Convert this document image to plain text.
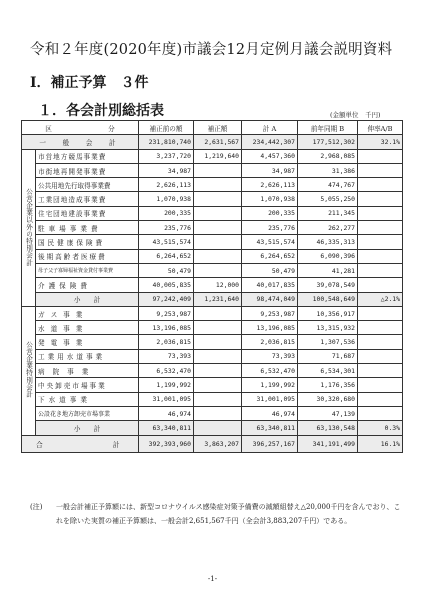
令和２年度(2020年度)市議会12月定例月議会説明資料
Ⅰ．補正予算　３件
１．各会計別総括表	(金額単位　千円)
区 分		補正前の額	補正額	計 A	前年同期 B	伸率A/B
一　般　会　計		231,810,740	2,631,567	234,442,307	177,512,302	32.1%
公営企業以外の特別会計	市営地方競馬事業費	3,237,720	1,219,640	4,457,360	2,968,085	
	市街地再開発事業費	34,987		34,987	31,386	
	公共用地先行取得事業費	2,626,113		2,626,113	474,767	
	工業団地造成事業費	1,070,938		1,070,938	5,055,250	
	住宅団地建設事業費	200,335		200,335	211,345	
	駐車場事業費	235,776		235,776	262,277	
	国民健康保険費	43,515,574		43,515,574	46,335,313	
	後期高齢者医療費	6,264,652		6,264,652	6,090,396	
	母子父子寡婦福祉資金貸付事業費	50,479		50,479	41,281	
	介護保険費	40,005,835	12,000	40,017,835	39,078,549	
	小　　計	97,242,409	1,231,640	98,474,049	100,548,649	△2.1%
公営企業特別会計	ガス事業	9,253,987		9,253,987	10,356,917	
	水道事業	13,196,085		13,196,085	13,315,932	
	発電事業	2,036,815		2,036,815	1,307,536	
	工業用水道事業	73,393		73,393	71,687	
	病院事業	6,532,470		6,532,470	6,534,301	
	中央卸売市場事業	1,199,992		1,199,992	1,176,356	
	下水道事業	31,001,095		31,001,095	30,320,680	
	公設花き地方卸売市場事業	46,974		46,974	47,139	
	小　　計	63,340,811		63,340,811	63,130,548	0.3%
合 計		392,393,960	3,863,207	396,257,167	341,191,499	16.1%
(注) 一般会計補正予算額には、新型コロナウイルス感染症対策予備費の減額組替え△20,000千円を含んでおり、これを除いた実質の補正予算額は、一般会計2,651,567千円（全会計3,883,207千円）である。
-1-
